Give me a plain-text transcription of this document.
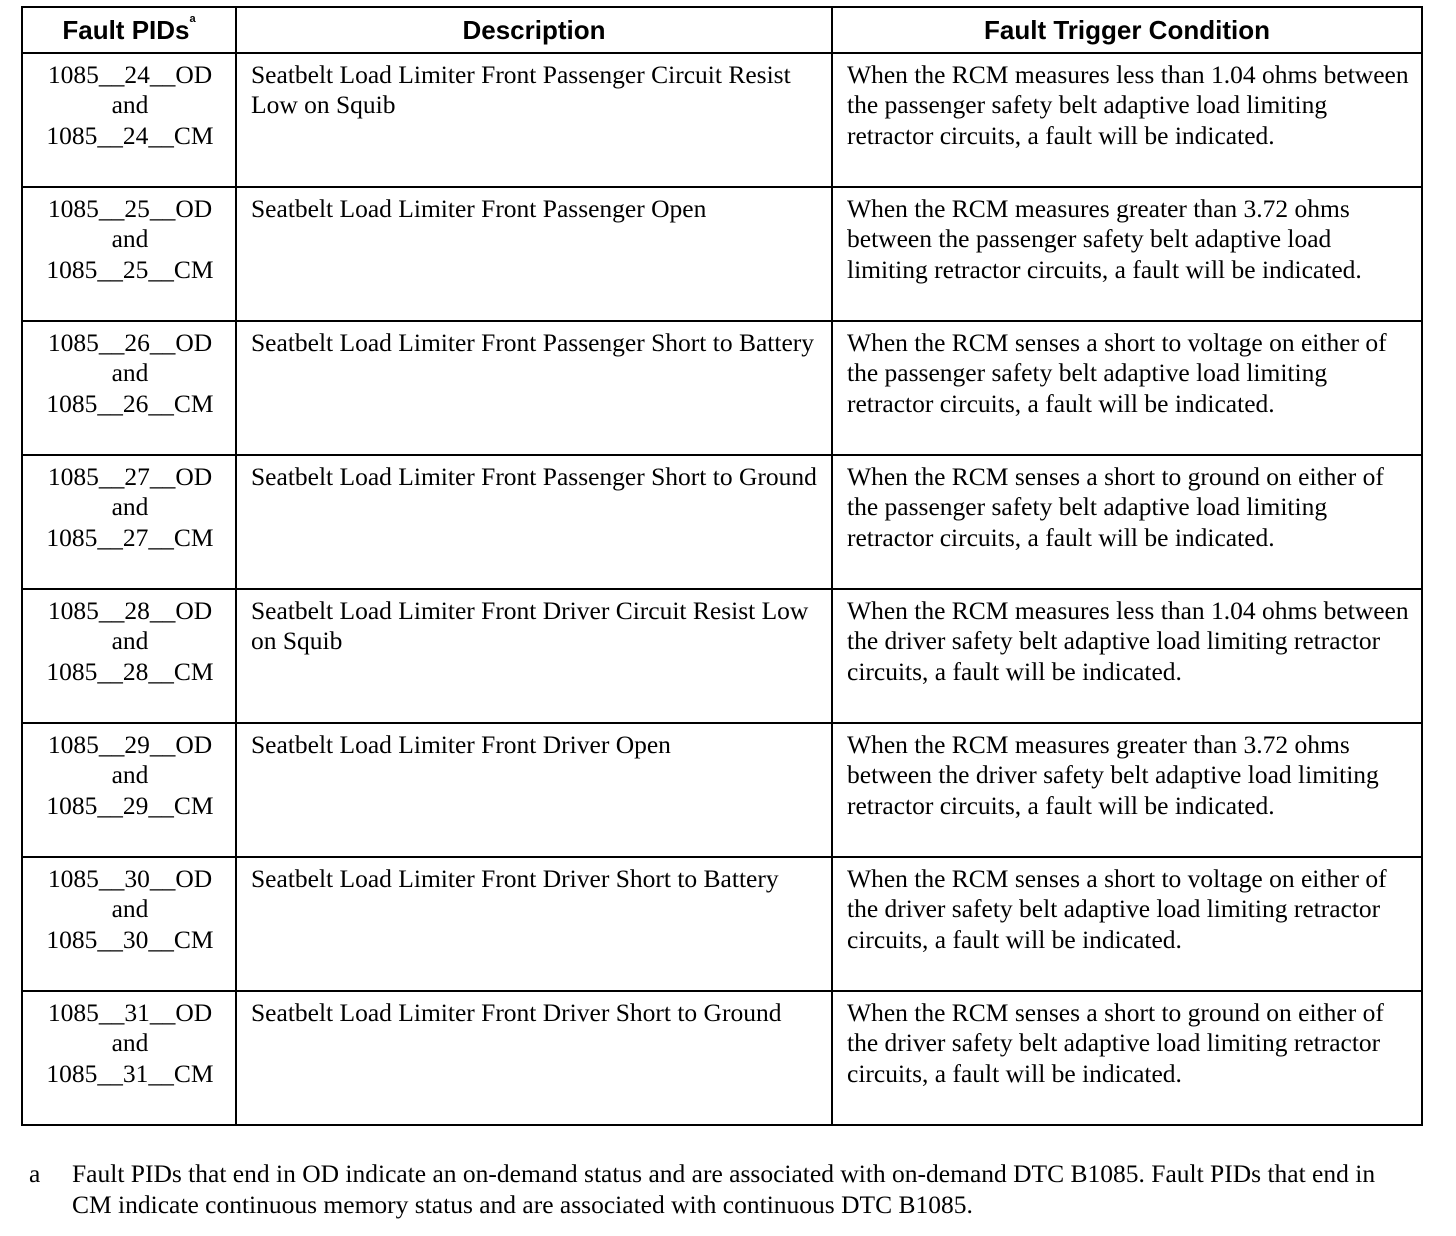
Fault PIDs$^a$	Description	Fault Trigger Condition

1085__24__OD
and
1085__24__CM	Seatbelt Load Limiter Front Passenger Circuit Resist Low on Squib	When the RCM measures less than 1.04 ohms between the passenger safety belt adaptive load limiting retractor circuits, a fault will be indicated.

1085__25__OD
and
1085__25__CM	Seatbelt Load Limiter Front Passenger Open	When the RCM measures greater than 3.72 ohms between the passenger safety belt adaptive load limiting retractor circuits, a fault will be indicated.

1085__26__OD
and
1085__26__CM	Seatbelt Load Limiter Front Passenger Short to Battery	When the RCM senses a short to voltage on either of the passenger safety belt adaptive load limiting retractor circuits, a fault will be indicated.

1085__27__OD
and
1085__27__CM	Seatbelt Load Limiter Front Passenger Short to Ground	When the RCM senses a short to ground on either of the passenger safety belt adaptive load limiting retractor circuits, a fault will be indicated.

1085__28__OD
and
1085__28__CM	Seatbelt Load Limiter Front Driver Circuit Resist Low on Squib	When the RCM measures less than 1.04 ohms between the driver safety belt adaptive load limiting retractor circuits, a fault will be indicated.

1085__29__OD
and
1085__29__CM	Seatbelt Load Limiter Front Driver Open	When the RCM measures greater than 3.72 ohms between the driver safety belt adaptive load limiting retractor circuits, a fault will be indicated.

1085__30__OD
and
1085__30__CM	Seatbelt Load Limiter Front Driver Short to Battery	When the RCM senses a short to voltage on either of the driver safety belt adaptive load limiting retractor circuits, a fault will be indicated.

1085__31__OD
and
1085__31__CM	Seatbelt Load Limiter Front Driver Short to Ground	When the RCM senses a short to ground on either of the driver safety belt adaptive load limiting retractor circuits, a fault will be indicated.
a Fault PIDs that end in OD indicate an on-demand status and are associated with on-demand DTC B1085. Fault PIDs that end in CM indicate continuous memory status and are associated with continuous DTC B1085.
